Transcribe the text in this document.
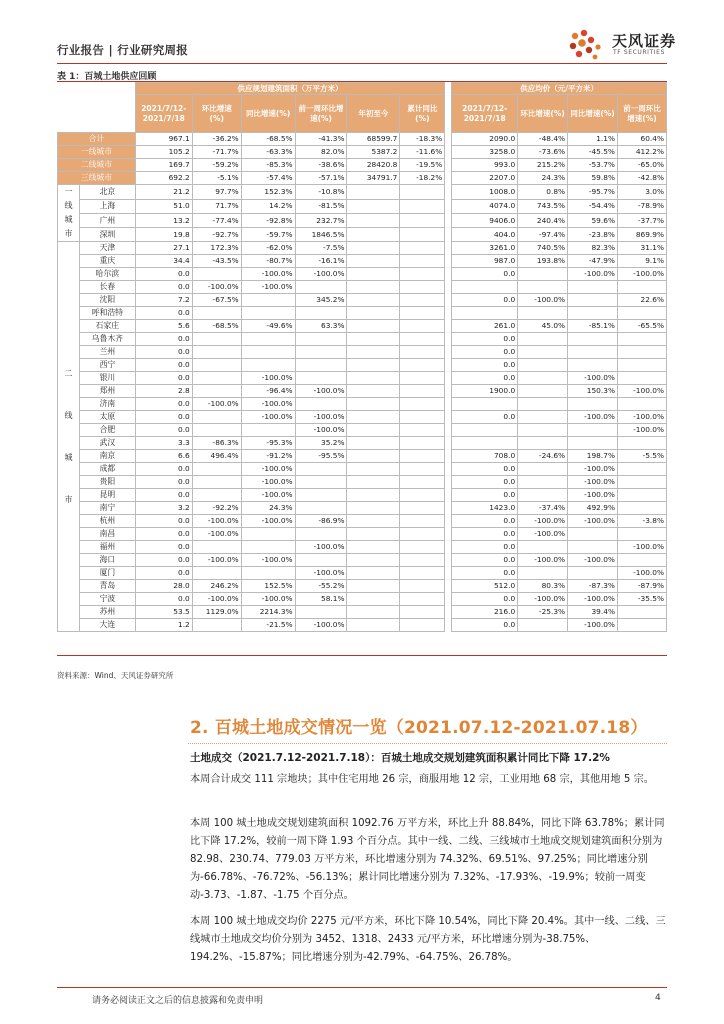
行业报告 | 行业研究周报	天风证券
TF SECURITIES
表 1：百城土地供应回顾
		供应规划建筑面积（万平方米）							供应均价（元/平方米）			
		2021/7/12-2021/7/18	环比增速(%)	同比增速(%)	前一周环比增速(%)	年初至今	累计同比(%)		2021/7/12-2021/7/18	环比增速(%)	同比增速(%)	前一周环比增速(%)
合计		967.1	-36.2%	-68.5%	-41.3%	68599.7	-18.3%		2090.0	-48.4%	1.1%	60.4%
一线城市		105.2	-71.7%	-63.3%	82.0%	5387.2	-11.6%		3258.0	-73.6%	-45.5%	412.2%
二线城市		169.7	-59.2%	-85.3%	-38.6%	28420.8	-19.5%		993.0	215.2%	-53.7%	-65.0%
三线城市		692.2	-5.1%	-57.4%	-57.1%	34791.7	-18.2%		2207.0	24.3%	59.8%	-42.8%
一
线
城
市	北京	21.2	97.7%	152.3%	-10.8%				1008.0	0.8%	-95.7%	3.0%
	上海	51.0	71.7%	14.2%	-81.5%				4074.0	743.5%	-54.4%	-78.9%
	广州	13.2	-77.4%	-92.8%	232.7%				9406.0	240.4%	59.6%	-37.7%
	深圳	19.8	-92.7%	-59.7%	1846.5%				404.0	-97.4%	-23.8%	869.9%
二

线

城

市	天津	27.1	172.3%	-62.0%	-7.5%				3261.0	740.5%	82.3%	31.1%
	重庆	34.4	-43.5%	-80.7%	-16.1%				987.0	193.8%	-47.9%	9.1%
	哈尔滨	0.0		-100.0%	-100.0%				0.0		-100.0%	-100.0%
	长春	0.0	-100.0%	-100.0%								
	沈阳	7.2	-67.5%		345.2%				0.0	-100.0%		22.6%
	呼和浩特	0.0										
	石家庄	5.6	-68.5%	-49.6%	63.3%				261.0	45.0%	-85.1%	-65.5%
	乌鲁木齐	0.0							0.0			
	兰州	0.0							0.0			
	西宁	0.0							0.0			
	银川	0.0		-100.0%					0.0		-100.0%	
	郑州	2.8		-96.4%	-100.0%				1900.0		150.3%	-100.0%
	济南	0.0	-100.0%	-100.0%								
	太原	0.0		-100.0%	-100.0%				0.0		-100.0%	-100.0%
	合肥	0.0			-100.0%							-100.0%
	武汉	3.3	-86.3%	-95.3%	35.2%							
	南京	6.6	496.4%	-91.2%	-95.5%				708.0	-24.6%	198.7%	-5.5%
	成都	0.0		-100.0%					0.0		-100.0%	
	贵阳	0.0		-100.0%					0.0		-100.0%	
	昆明	0.0		-100.0%					0.0		-100.0%	
	南宁	3.2	-92.2%	24.3%					1423.0	-37.4%	492.9%	
	杭州	0.0	-100.0%	-100.0%	-86.9%				0.0	-100.0%	-100.0%	-3.8%
	南昌	0.0	-100.0%						0.0	-100.0%		
	福州	0.0			-100.0%				0.0			-100.0%
	海口	0.0	-100.0%	-100.0%					0.0	-100.0%	-100.0%	
	厦门	0.0			-100.0%				0.0			-100.0%
	青岛	28.0	246.2%	152.5%	-55.2%				512.0	80.3%	-87.3%	-87.9%
	宁波	0.0	-100.0%	-100.0%	58.1%				0.0	-100.0%	-100.0%	-35.5%
	苏州	53.5	1129.0%	2214.3%					216.0	-25.3%	39.4%	
	大连	1.2		-21.5%	-100.0%				0.0		-100.0%	
资料来源：Wind、天风证券研究所
2. 百城土地成交情况一览（2021.07.12-2021.07.18）
土地成交（2021.7.12-2021.7.18）：百城土地成交规划建筑面积累计同比下降 17.2%
本周合计成交 111 宗地块；其中住宅用地 26 宗，商服用地 12 宗，工业用地 68 宗，其他用地 5 宗。
本周 100 城土地成交规划建筑面积 1092.76 万平方米，环比上升 88.84%，同比下降 63.78%；累计同比下降 17.2%，较前一周下降 1.93 个百分点。其中一线、二线、三线城市土地成交规划建筑面积分别为 82.98、230.74、779.03 万平方米，环比增速分别为 74.32%、69.51%、97.25%；同比增速分别为-66.78%、-76.72%、-56.13%；累计同比增速分别为 7.32%、-17.93%、-19.9%；较前一周变动-3.73、-1.87、-1.75 个百分点。
本周 100 城土地成交均价 2275 元/平方米，环比下降 10.54%，同比下降 20.4%。其中一线、二线、三线城市土地成交均价分别为 3452、1318、2433 元/平方米，环比增速分别为-38.75%、194.2%、-15.87%；同比增速分别为-42.79%、-64.75%、26.78%。
请务必阅读正文之后的信息披露和免责申明	4
